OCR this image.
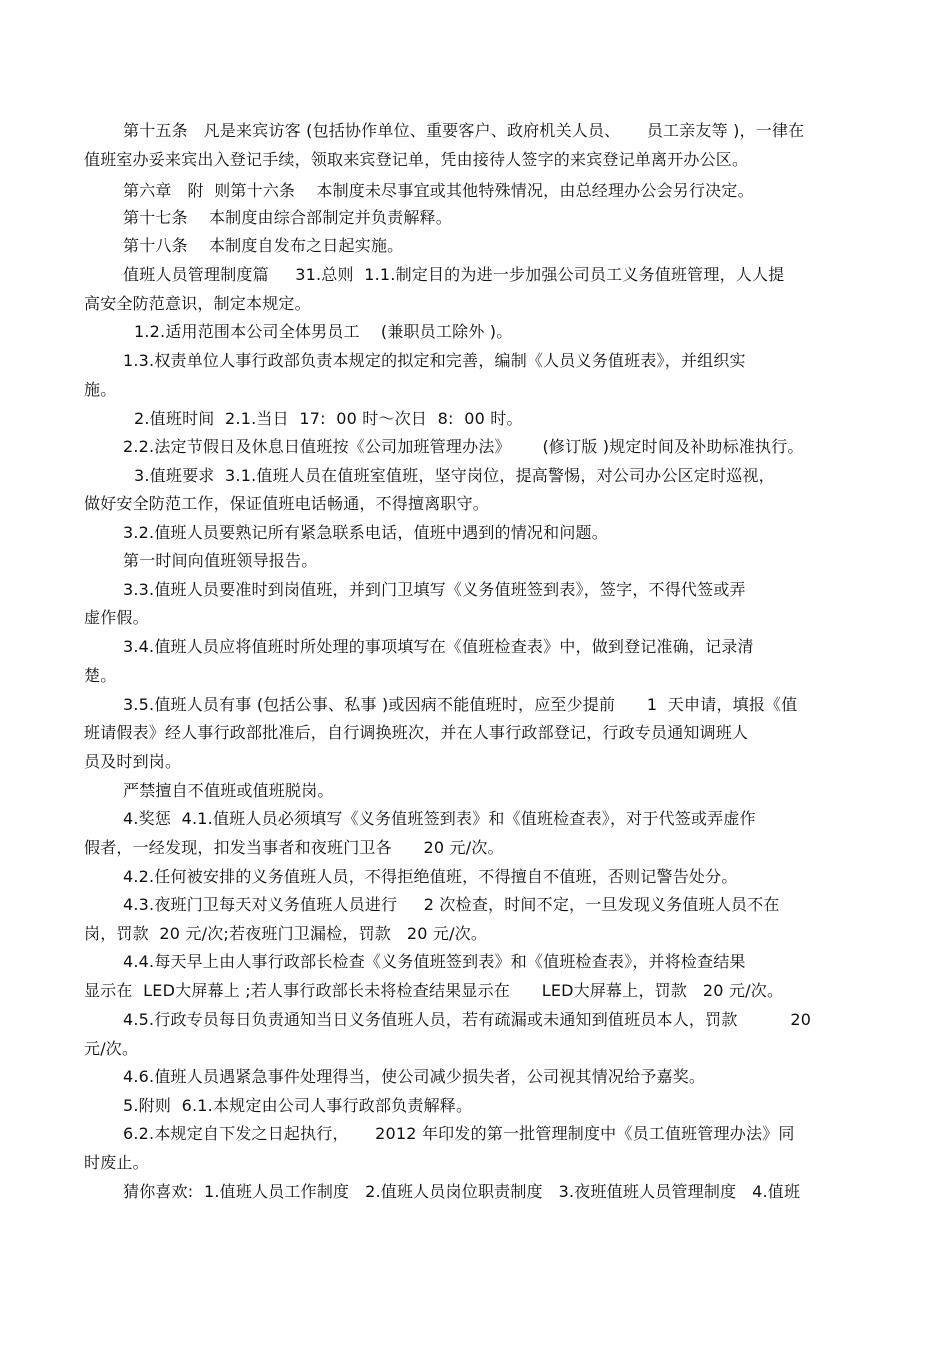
第十五条   凡是来宾访客 (包括协作单位、重要客户、政府机关人员、     员工亲友等 )，一律在
值班室办妥来宾出入登记手续，领取来宾登记单，凭由接待人签字的来宾登记单离开办公区。
第六章   附  则第十六条    本制度未尽事宜或其他特殊情况，由总经理办公会另行决定。
第十七条    本制度由综合部制定并负责解释。
第十八条    本制度自发布之日起实施。
值班人员管理制度篇     31.总则  1.1.制定目的为进一步加强公司员工义务值班管理，人人提
高安全防范意识，制定本规定。
1.2.适用范围本公司全体男员工    (兼职员工除外 )。
1.3.权责单位人事行政部负责本规定的拟定和完善，编制《人员义务值班表》，并组织实
施。
2.值班时间  2.1.当日  17:  00 时～次日  8:  00 时。
2.2.法定节假日及休息日值班按《公司加班管理办法》      (修订版 )规定时间及补助标准执行。
3.值班要求  3.1.值班人员在值班室值班，坚守岗位，提高警惕，对公司办公区定时巡视，
做好安全防范工作，保证值班电话畅通，不得擅离职守。
3.2.值班人员要熟记所有紧急联系电话，值班中遇到的情况和问题。
第一时间向值班领导报告。
3.3.值班人员要准时到岗值班，并到门卫填写《义务值班签到表》，签字，不得代签或弄
虚作假。
3.4.值班人员应将值班时所处理的事项填写在《值班检查表》中，做到登记准确，记录清
楚。
3.5.值班人员有事 (包括公事、私事 )或因病不能值班时，应至少提前      1  天申请，填报《值
班请假表》经人事行政部批准后，自行调换班次，并在人事行政部登记，行政专员通知调班人
员及时到岗。
严禁擅自不值班或值班脱岗。
4.奖惩  4.1.值班人员必须填写《义务值班签到表》和《值班检查表》，对于代签或弄虚作
假者，一经发现，扣发当事者和夜班门卫各      20 元/次。
4.2.任何被安排的义务值班人员，不得拒绝值班，不得擅自不值班，否则记警告处分。
4.3.夜班门卫每天对义务值班人员进行     2 次检查，时间不定，一旦发现义务值班人员不在
岗，罚款  20 元/次;若夜班门卫漏检，罚款   20 元/次。
4.4.每天早上由人事行政部长检查《义务值班签到表》和《值班检查表》，并将检查结果
显示在  LED大屏幕上 ;若人事行政部长未将检查结果显示在      LED大屏幕上，罚款   20 元/次。
4.5.行政专员每日负责通知当日义务值班人员，若有疏漏或未通知到值班员本人，罚款          20
元/次。
4.6.值班人员遇紧急事件处理得当，使公司减少损失者，公司视其情况给予嘉奖。
5.附则  6.1.本规定由公司人事行政部负责解释。
6.2.本规定自下发之日起执行，     2012 年印发的第一批管理制度中《员工值班管理办法》同
时废止。
猜你喜欢:  1.值班人员工作制度   2.值班人员岗位职责制度   3.夜班值班人员管理制度   4.值班
